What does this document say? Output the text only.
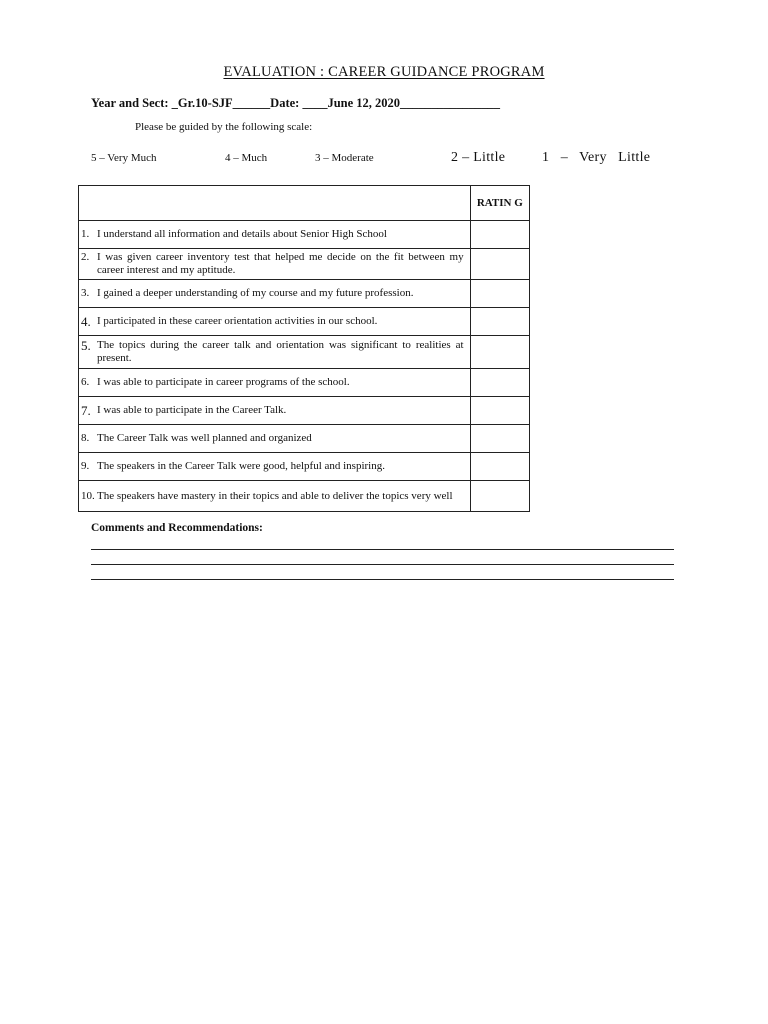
EVALUATION : CAREER GUIDANCE PROGRAM
Year and Sect: _Gr.10-SJF______Date: ____June 12, 2020________________
Please be guided by the following scale:
5 – Very Much	4 – Much	3 – Moderate	2 – Little	1   –   Very   Little
	RATIN G

1. I understand all information and details about Senior High School	

2. I was given career inventory test that helped me decide on the fit between my career interest and my aptitude.	

3. I gained a deeper understanding of my course and my future profession.	

4. I participated in these career orientation activities in our school.	

5. The topics during the career talk and orientation was significant to realities at present.	

6. I was able to participate in career programs of the school.	

7. I was able to participate in the Career Talk.	

8. The Career Talk was well planned and organized	

9. The speakers in the Career Talk were good, helpful and inspiring.	

10. The speakers have mastery in their topics and able to deliver the topics very well	

Comments and Recommendations:
